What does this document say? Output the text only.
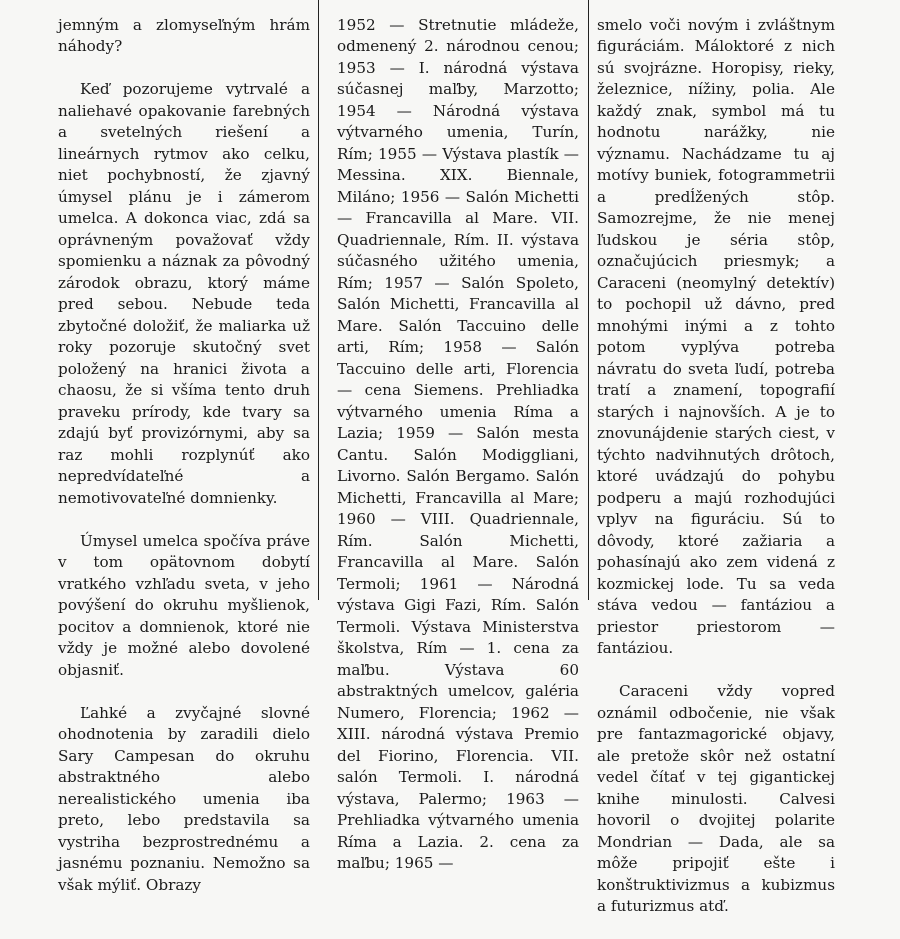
jemným a zlomyseľným hrám náhody?

Keď pozorujeme vytrvalé a naliehavé opakovanie farebných a svetelných riešení a lineárnych rytmov ako celku, niet pochybností, že zjavný úmysel plánu je i zámerom umelca. A dokonca viac, zdá sa oprávneným považovať vždy spomienku a náznak za pôvodný zárodok obrazu, ktorý máme pred sebou. Nebude teda zbytočné doložiť, že maliarka už roky pozoruje skutočný svet položený na hranici života a chaosu, že si všíma tento druh praveku prírody, kde tvary sa zdajú byť provizórnymi, aby sa raz mohli rozplynúť ako nepredvídateľné a nemotivovateľné domnienky.

Úmysel umelca spočíva práve v tom opätovnom dobytí vratkého vzhľadu sveta, v jeho povýšení do okruhu myšlienok, pocitov a domnienok, ktoré nie vždy je možné alebo dovolené objasniť.

Ľahké a zvyčajné slovné ohodnotenia by zaradili dielo Sary Campesan do okruhu abstraktného alebo nerealistického umenia iba preto, lebo predstavila sa vystriha bezprostrednému a jasnému poznaniu. Nemožno sa však mýliť. Obrazy

1952 — Stretnutie mládeže, odmenený 2. národnou cenou; 1953 — I. národná výstava súčasnej maľby, Marzotto; 1954 — Národná výstava výtvarného umenia, Turín, Rím; 1955 — Výstava plastík — Messina. XIX. Biennale, Miláno; 1956 — Salón Michetti — Francavilla al Mare. VII. Quadriennale, Rím. II. výstava súčasného užitého umenia, Rím; 1957 — Salón Spoleto, Salón Michetti, Francavilla al Mare. Salón Taccuino delle arti, Rím; 1958 — Salón Taccuino delle arti, Florencia — cena Siemens. Prehliadka výtvarného umenia Ríma a Lazia; 1959 — Salón mesta Cantu. Salón Modiggliani, Livorno. Salón Bergamo. Salón Michetti, Francavilla al Mare; 1960 — VIII. Quadriennale, Rím. Salón Michetti, Francavilla al Mare. Salón Termoli; 1961 — Národná výstava Gigi Fazi, Rím. Salón Termoli. Výstava Ministerstva školstva, Rím — 1. cena za maľbu. Výstava 60 abstraktných umelcov, galéria Numero, Florencia; 1962 — XIII. národná výstava Premio del Fiorino, Florencia. VII. salón Termoli. I. národná výstava, Palermo; 1963 — Prehliadka výtvarného umenia Ríma a Lazia. 2. cena za maľbu; 1965 —

smelo voči novým i zvláštnym figuráciám. Máloktoré z nich sú svojrázne. Horopisy, rieky, železnice, nížiny, polia. Ale každý znak, symbol má tu hodnotu narážky, nie významu. Nachádzame tu aj motívy buniek, fotogrammetrii a predĺžených stôp. Samozrejme, že nie menej ľudskou je séria stôp, označujúcich priesmyk; a Caraceni (neomylný detektív) to pochopil už dávno, pred mnohými inými a z tohto potom vyplýva potreba návratu do sveta ľudí, potreba tratí a znamení, topografií starých i najnovších. A je to znovunájdenie starých ciest, v týchto nadvihnutých drôtoch, ktoré uvádzajú do pohybu podperu a majú rozhodujúci vplyv na figuráciu. Sú to dôvody, ktoré zažiaria a pohasínajú ako zem videná z kozmickej lode. Tu sa veda stáva vedou — fantáziou a priestor priestorom — fantáziou.

Caraceni vždy vopred oznámil odbočenie, nie však pre fantazmagorické objavy, ale pretože skôr než ostatní vedel čítať v tej gigantickej knihe minulosti. Calvesi hovoril o dvojitej polarite Mondrian — Dada, ale sa môže pripojiť ešte i konštruktivizmus a kubizmus a futurizmus atď.
